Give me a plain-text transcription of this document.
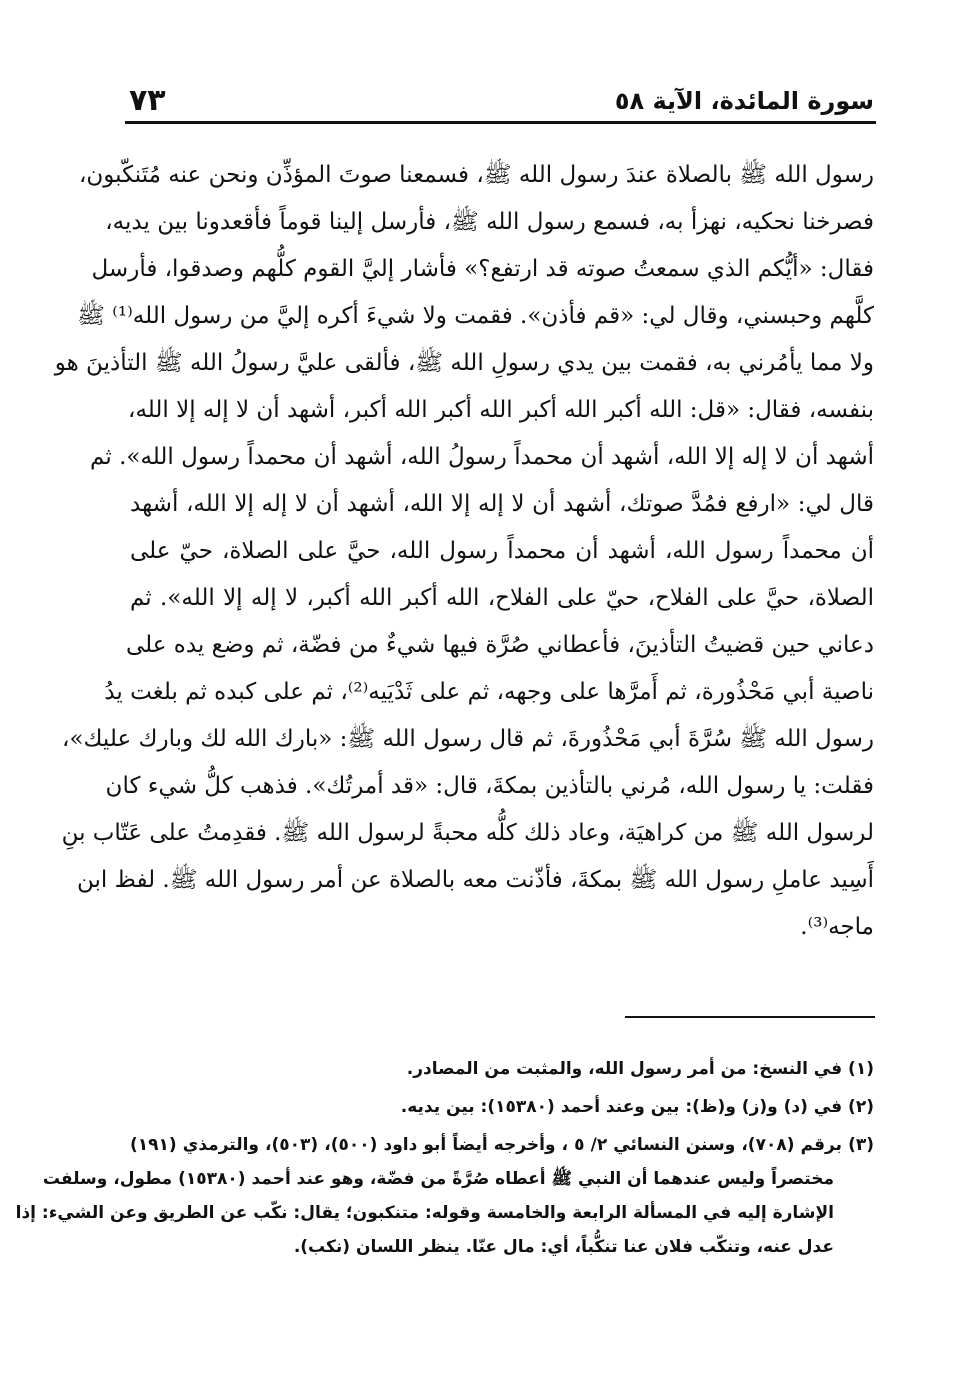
٧٣	سورة المائدة، الآية ٥٨
رسول الله ﷺ بالصلاة عندَ رسول الله ﷺ، فسمعنا صوتَ المؤذِّن ونحن عنه مُتَنكّبون،
فصرخنا نحكيه، نهزأ به، فسمع رسول الله ﷺ، فأرسل إلينا قوماً فأقعدونا بين يديه،
فقال: «أيُّكم الذي سمعتُ صوته قد ارتفع؟» فأشار إليَّ القوم كلُّهم وصدقوا، فأرسل
كلَّهم وحبسني، وقال لي: «قم فأذن». فقمت ولا شيءَ أكره إليَّ من رسول الله⁽¹⁾ ﷺ
ولا مما يأمُرني به، فقمت بين يدي رسولِ الله ﷺ، فألقى عليَّ رسولُ الله ﷺ التأذينَ هو
بنفسه، فقال: «قل: الله أكبر الله أكبر الله أكبر الله أكبر، أشهد أن لا إله إلا الله،
أشهد أن لا إله إلا الله، أشهد أن محمداً رسولُ الله، أشهد أن محمداً رسول الله». ثم
قال لي: «ارفع فمُدَّ صوتك، أشهد أن لا إله إلا الله، أشهد أن لا إله إلا الله، أشهد
أن محمداً رسول الله، أشهد أن محمداً رسول الله، حيَّ على الصلاة، حيّ على
الصلاة، حيَّ على الفلاح، حيّ على الفلاح، الله أكبر الله أكبر، لا إله إلا الله». ثم
دعاني حين قضيتُ التأذينَ، فأعطاني صُرَّة فيها شيءٌ من فضّة، ثم وضع يده على
ناصية أبي مَحْذُورة، ثم أَمرَّها على وجهه، ثم على ثَدْيَيه⁽²⁾، ثم على كبده ثم بلغت يدُ
رسول الله ﷺ سُرَّةَ أبي مَحْذُورةَ، ثم قال رسول الله ﷺ: «بارك الله لك وبارك عليك»،
فقلت: يا رسول الله، مُرني بالتأذين بمكةَ، قال: «قد أمرتُك». فذهب كلُّ شيء كان
لرسول الله ﷺ من كراهيَة، وعاد ذلك كلُّه محبةً لرسول الله ﷺ. فقدِمتُ على عَتّاب بنِ
أَسِيد عاملِ رسول الله ﷺ بمكةَ، فأذّنت معه بالصلاة عن أمر رسول الله ﷺ. لفظ ابن
ماجه⁽³⁾.
(١) في النسخ: من أمر رسول الله، والمثبت من المصادر.
(٢) في (د) و(ز) و(ظ): بين وعند أحمد (١٥٣٨٠): بين يديه.
(٣) برقم (٧٠٨)، وسنن النسائي ٢/ ٥ ، وأخرجه أيضاً أبو داود (٥٠٠)، (٥٠٣)، والترمذي (١٩١)
مختصراً وليس عندهما أن النبي ﷺ أعطاه صُرَّةً من فضّة، وهو عند أحمد (١٥٣٨٠) مطول، وسلفت
الإشارة إليه في المسألة الرابعة والخامسة وقوله: متنكبون؛ يقال: نكّب عن الطريق وعن الشيء: إذا
عدل عنه، وتنكّب فلان عنا تنكُّباً، أي: مال عنّا. ينظر اللسان (نكب).
